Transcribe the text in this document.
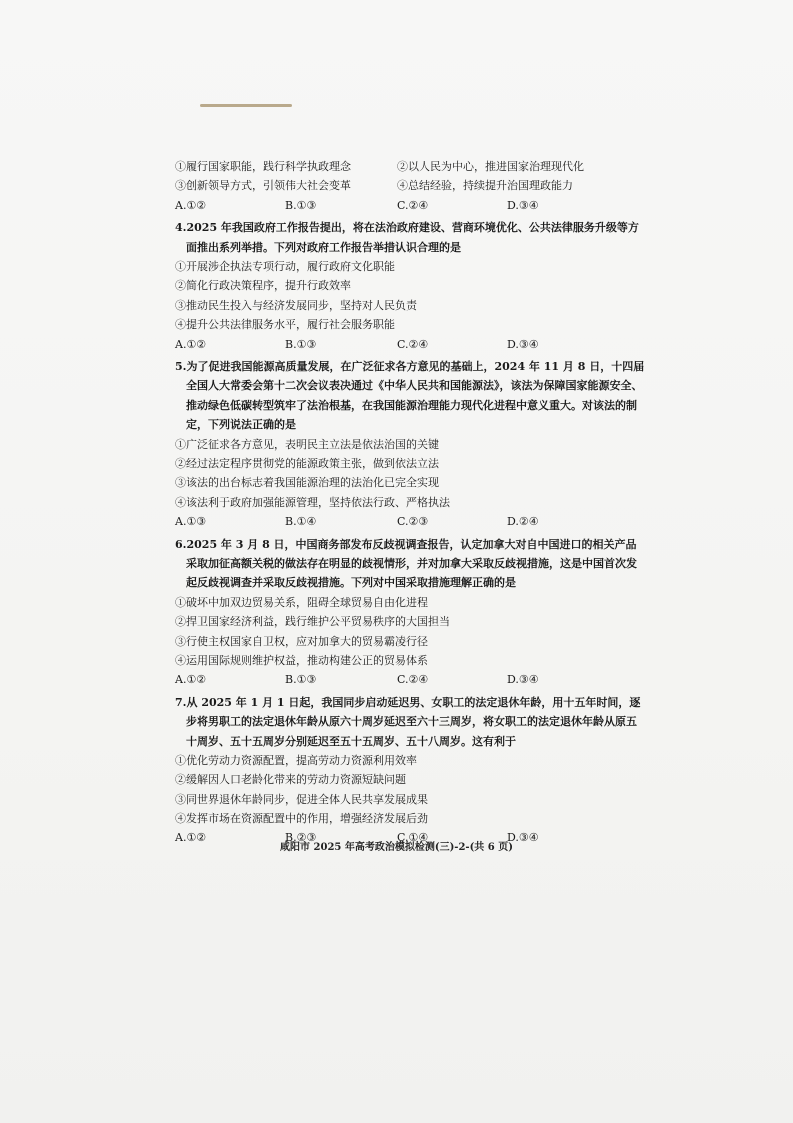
①履行国家职能，践行科学执政理念	②以人民为中心，推进国家治理现代化
③创新领导方式，引领伟大社会变革	④总结经验，持续提升治国理政能力
A.①②	B.①③	C.②④	D.③④
4.2025 年我国政府工作报告提出，将在法治政府建设、营商环境优化、公共法律服务升级等方面推出系列举措。下列对政府工作报告举措认识合理的是
①开展涉企执法专项行动，履行政府文化职能
②简化行政决策程序，提升行政效率
③推动民生投入与经济发展同步，坚持对人民负责
④提升公共法律服务水平，履行社会服务职能
A.①②	B.①③	C.②④	D.③④
5.为了促进我国能源高质量发展，在广泛征求各方意见的基础上，2024 年 11 月 8 日，十四届全国人大常委会第十二次会议表决通过《中华人民共和国能源法》，该法为保障国家能源安全、推动绿色低碳转型筑牢了法治根基，在我国能源治理能力现代化进程中意义重大。对该法的制定，下列说法正确的是
①广泛征求各方意见，表明民主立法是依法治国的关键
②经过法定程序贯彻党的能源政策主张，做到依法立法
③该法的出台标志着我国能源治理的法治化已完全实现
④该法利于政府加强能源管理，坚持依法行政、严格执法
A.①③	B.①④	C.②③	D.②④
6.2025 年 3 月 8 日，中国商务部发布反歧视调查报告，认定加拿大对自中国进口的相关产品采取加征高额关税的做法存在明显的歧视情形，并对加拿大采取反歧视措施，这是中国首次发起反歧视调查并采取反歧视措施。下列对中国采取措施理解正确的是
①破坏中加双边贸易关系，阻碍全球贸易自由化进程
②捍卫国家经济利益，践行维护公平贸易秩序的大国担当
③行使主权国家自卫权，应对加拿大的贸易霸凌行径
④运用国际规则维护权益，推动构建公正的贸易体系
A.①②	B.①③	C.②④	D.③④
7.从 2025 年 1 月 1 日起，我国同步启动延迟男、女职工的法定退休年龄，用十五年时间，逐步将男职工的法定退休年龄从原六十周岁延迟至六十三周岁，将女职工的法定退休年龄从原五十周岁、五十五周岁分别延迟至五十五周岁、五十八周岁。这有利于
①优化劳动力资源配置，提高劳动力资源利用效率
②缓解因人口老龄化带来的劳动力资源短缺问题
③同世界退休年龄同步，促进全体人民共享发展成果
④发挥市场在资源配置中的作用，增强经济发展后劲
A.①②	B.②③	C.①④	D.③④
咸阳市 2025 年高考政治模拟检测(三)-2-(共 6 页)
